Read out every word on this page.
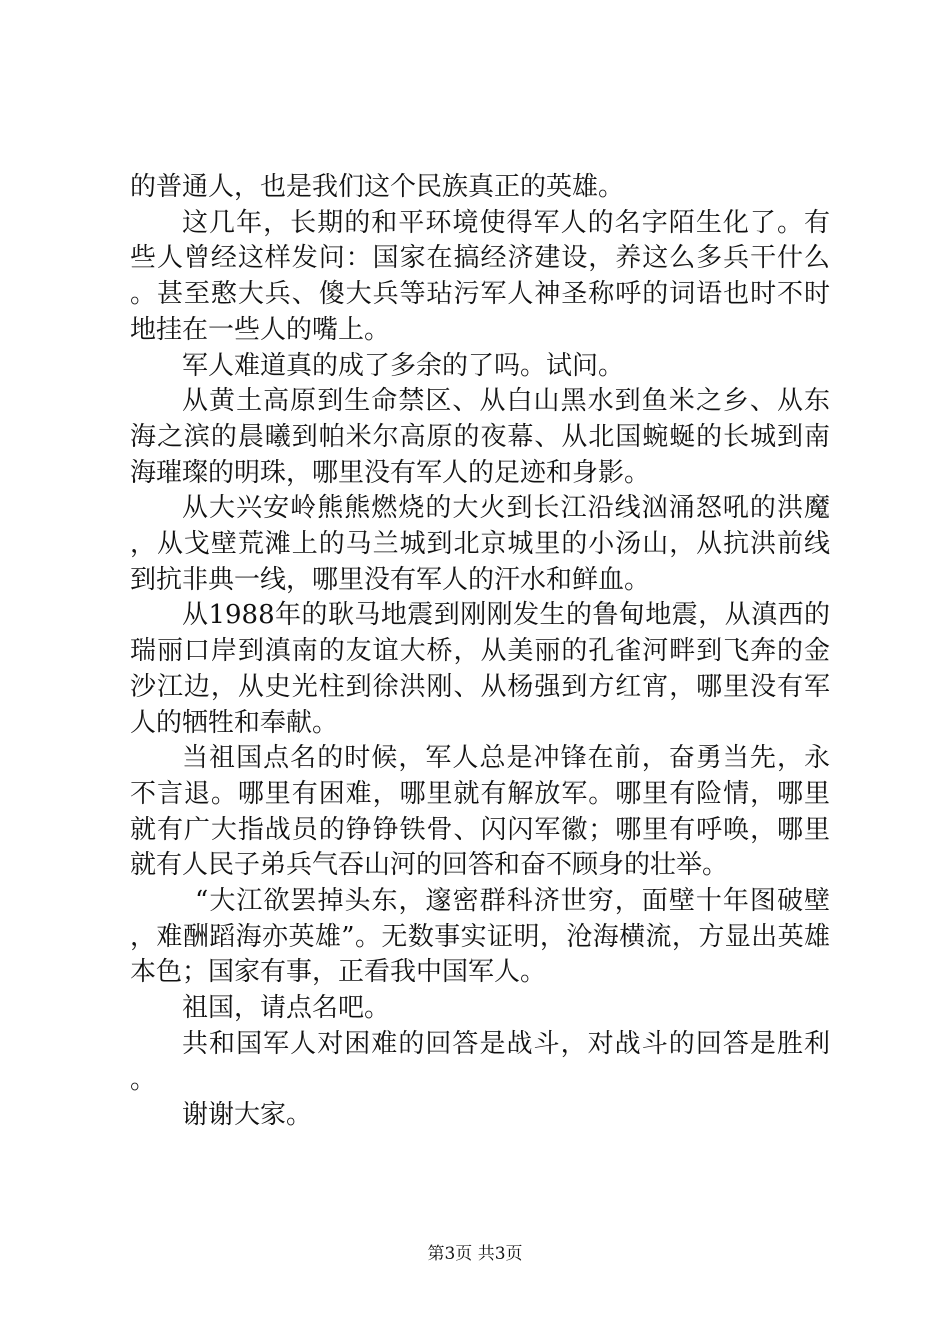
的普通人，也是我们这个民族真正的英雄。

这几年，长期的和平环境使得军人的名字陌生化了。有些人曾经这样发问：国家在搞经济建设，养这么多兵干什么。甚至憨大兵、傻大兵等玷污军人神圣称呼的词语也时不时地挂在一些人的嘴上。

军人难道真的成了多余的了吗。试问。

从黄土高原到生命禁区、从白山黑水到鱼米之乡、从东海之滨的晨曦到帕米尔高原的夜幕、从北国蜿蜒的长城到南海璀璨的明珠，哪里没有军人的足迹和身影。

从大兴安岭熊熊燃烧的大火到长江沿线汹涌怒吼的洪魔，从戈壁荒滩上的马兰城到北京城里的小汤山，从抗洪前线到抗非典一线，哪里没有军人的汗水和鲜血。

从1988年的耿马地震到刚刚发生的鲁甸地震，从滇西的瑞丽口岸到滇南的友谊大桥，从美丽的孔雀河畔到飞奔的金沙江边，从史光柱到徐洪刚、从杨强到方红宵，哪里没有军人的牺牲和奉献。

当祖国点名的时候，军人总是冲锋在前，奋勇当先，永不言退。哪里有困难，哪里就有解放军。哪里有险情，哪里就有广大指战员的铮铮铁骨、闪闪军徽；哪里有呼唤，哪里就有人民子弟兵气吞山河的回答和奋不顾身的壮举。

“大江欲罢掉头东，邃密群科济世穷，面壁十年图破壁，难酬蹈海亦英雄”。无数事实证明，沧海横流，方显出英雄本色；国家有事，正看我中国军人。

祖国，请点名吧。

共和国军人对困难的回答是战斗，对战斗的回答是胜利。

谢谢大家。

第3页 共3页
